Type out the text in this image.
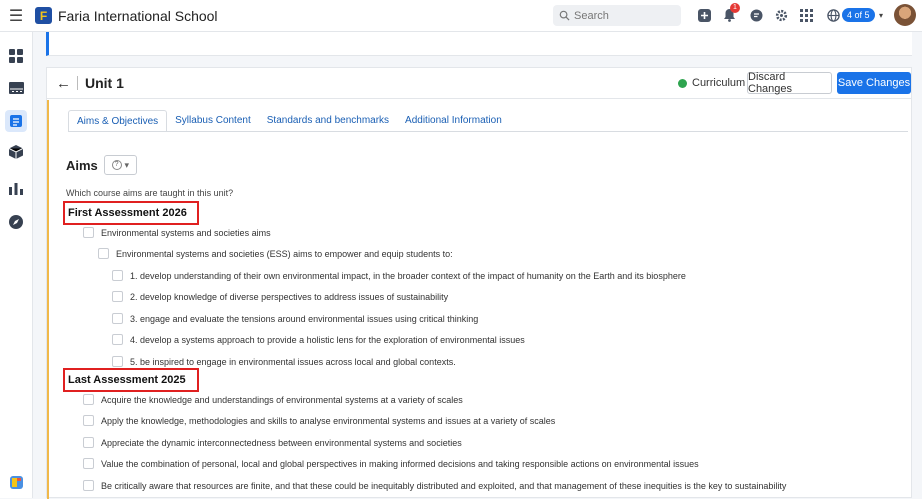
☰	F Faria International School	Search
1
4 of 5	▾
← Unit 1	Curriculum Discard Changes	Save Changes
Aims & Objectives	Syllabus Content	Standards and benchmarks	Additional Information
Aims	? ▾
Which course aims are taught in this unit?
First Assessment 2026
Environmental systems and societies aims
Environmental systems and societies (ESS) aims to empower and equip students to:
1. develop understanding of their own environmental impact, in the broader context of the impact of humanity on the Earth and its biosphere
2. develop knowledge of diverse perspectives to address issues of sustainability
3. engage and evaluate the tensions around environmental issues using critical thinking
4. develop a systems approach to provide a holistic lens for the exploration of environmental issues
5. be inspired to engage in environmental issues across local and global contexts.
Last Assessment 2025
Acquire the knowledge and understandings of environmental systems at a variety of scales
Apply the knowledge, methodologies and skills to analyse environmental systems and issues at a variety of scales
Appreciate the dynamic interconnectedness between environmental systems and societies
Value the combination of personal, local and global perspectives in making informed decisions and taking responsible actions on environmental issues
Be critically aware that resources are finite, and that these could be inequitably distributed and exploited, and that management of these inequities is the key to sustainability
